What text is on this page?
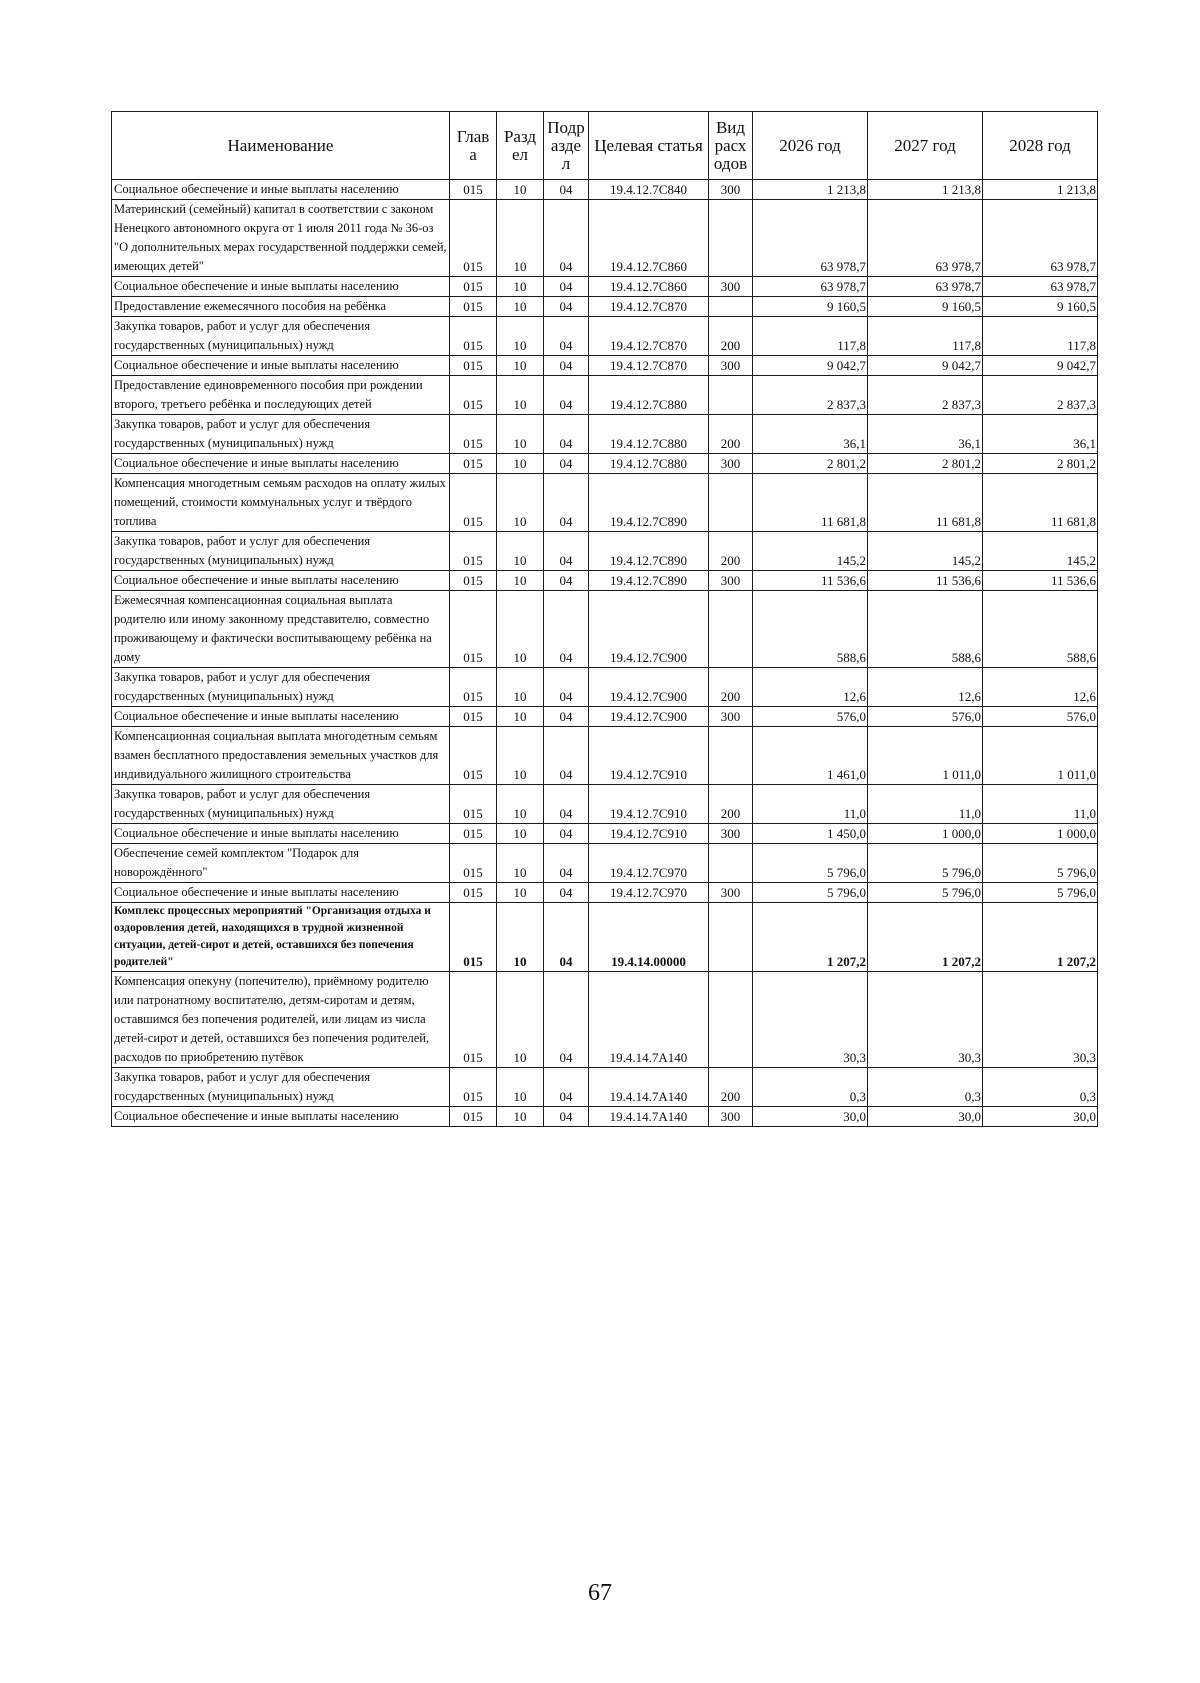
Наименование	Глав а	Разд ел	Подр азде л	Целевая статья	Вид расх одов	2026 год	2027 год	2028 год
Социальное обеспечение и иные выплаты населению	015	10	04	19.4.12.7С840	300	1 213,8	1 213,8	1 213,8
Материнский (семейный) капитал в соответствии с законом Ненецкого автономного округа от 1 июля 2011 года № 36-оз "О дополнительных мерах государственной поддержки семей, имеющих детей"	015	10	04	19.4.12.7С860		63 978,7	63 978,7	63 978,7
Социальное обеспечение и иные выплаты населению	015	10	04	19.4.12.7С860	300	63 978,7	63 978,7	63 978,7
Предоставление ежемесячного пособия на ребёнка	015	10	04	19.4.12.7С870		9 160,5	9 160,5	9 160,5
Закупка товаров, работ и услуг для обеспечения государственных (муниципальных) нужд	015	10	04	19.4.12.7С870	200	117,8	117,8	117,8
Социальное обеспечение и иные выплаты населению	015	10	04	19.4.12.7С870	300	9 042,7	9 042,7	9 042,7
Предоставление единовременного пособия при рождении второго, третьего ребёнка и последующих детей	015	10	04	19.4.12.7С880		2 837,3	2 837,3	2 837,3
Закупка товаров, работ и услуг для обеспечения государственных (муниципальных) нужд	015	10	04	19.4.12.7С880	200	36,1	36,1	36,1
Социальное обеспечение и иные выплаты населению	015	10	04	19.4.12.7С880	300	2 801,2	2 801,2	2 801,2
Компенсация многодетным семьям расходов на оплату жилых помещений, стоимости коммунальных услуг и твёрдого топлива	015	10	04	19.4.12.7С890		11 681,8	11 681,8	11 681,8
Закупка товаров, работ и услуг для обеспечения государственных (муниципальных) нужд	015	10	04	19.4.12.7С890	200	145,2	145,2	145,2
Социальное обеспечение и иные выплаты населению	015	10	04	19.4.12.7С890	300	11 536,6	11 536,6	11 536,6
Ежемесячная компенсационная социальная выплата родителю или иному законному представителю, совместно проживающему и фактически воспитывающему ребёнка на дому	015	10	04	19.4.12.7С900		588,6	588,6	588,6
Закупка товаров, работ и услуг для обеспечения государственных (муниципальных) нужд	015	10	04	19.4.12.7С900	200	12,6	12,6	12,6
Социальное обеспечение и иные выплаты населению	015	10	04	19.4.12.7С900	300	576,0	576,0	576,0
Компенсационная социальная выплата многодетным семьям взамен бесплатного предоставления земельных участков для индивидуального жилищного строительства	015	10	04	19.4.12.7С910		1 461,0	1 011,0	1 011,0
Закупка товаров, работ и услуг для обеспечения государственных (муниципальных) нужд	015	10	04	19.4.12.7С910	200	11,0	11,0	11,0
Социальное обеспечение и иные выплаты населению	015	10	04	19.4.12.7С910	300	1 450,0	1 000,0	1 000,0
Обеспечение семей комплектом "Подарок для новорождённого"	015	10	04	19.4.12.7С970		5 796,0	5 796,0	5 796,0
Социальное обеспечение и иные выплаты населению	015	10	04	19.4.12.7С970	300	5 796,0	5 796,0	5 796,0
Комплекс процессных мероприятий "Организация отдыха и оздоровления детей, находящихся в трудной жизненной ситуации, детей-сирот и детей, оставшихся без попечения родителей"	015	10	04	19.4.14.00000		1 207,2	1 207,2	1 207,2
Компенсация опекуну (попечителю), приёмному родителю или патронатному воспитателю, детям-сиротам и детям, оставшимся без попечения родителей, или лицам из числа детей-сирот и детей, оставшихся без попечения родителей, расходов по приобретению путёвок	015	10	04	19.4.14.7А140		30,3	30,3	30,3
Закупка товаров, работ и услуг для обеспечения государственных (муниципальных) нужд	015	10	04	19.4.14.7А140	200	0,3	0,3	0,3
Социальное обеспечение и иные выплаты населению	015	10	04	19.4.14.7А140	300	30,0	30,0	30,0
67
